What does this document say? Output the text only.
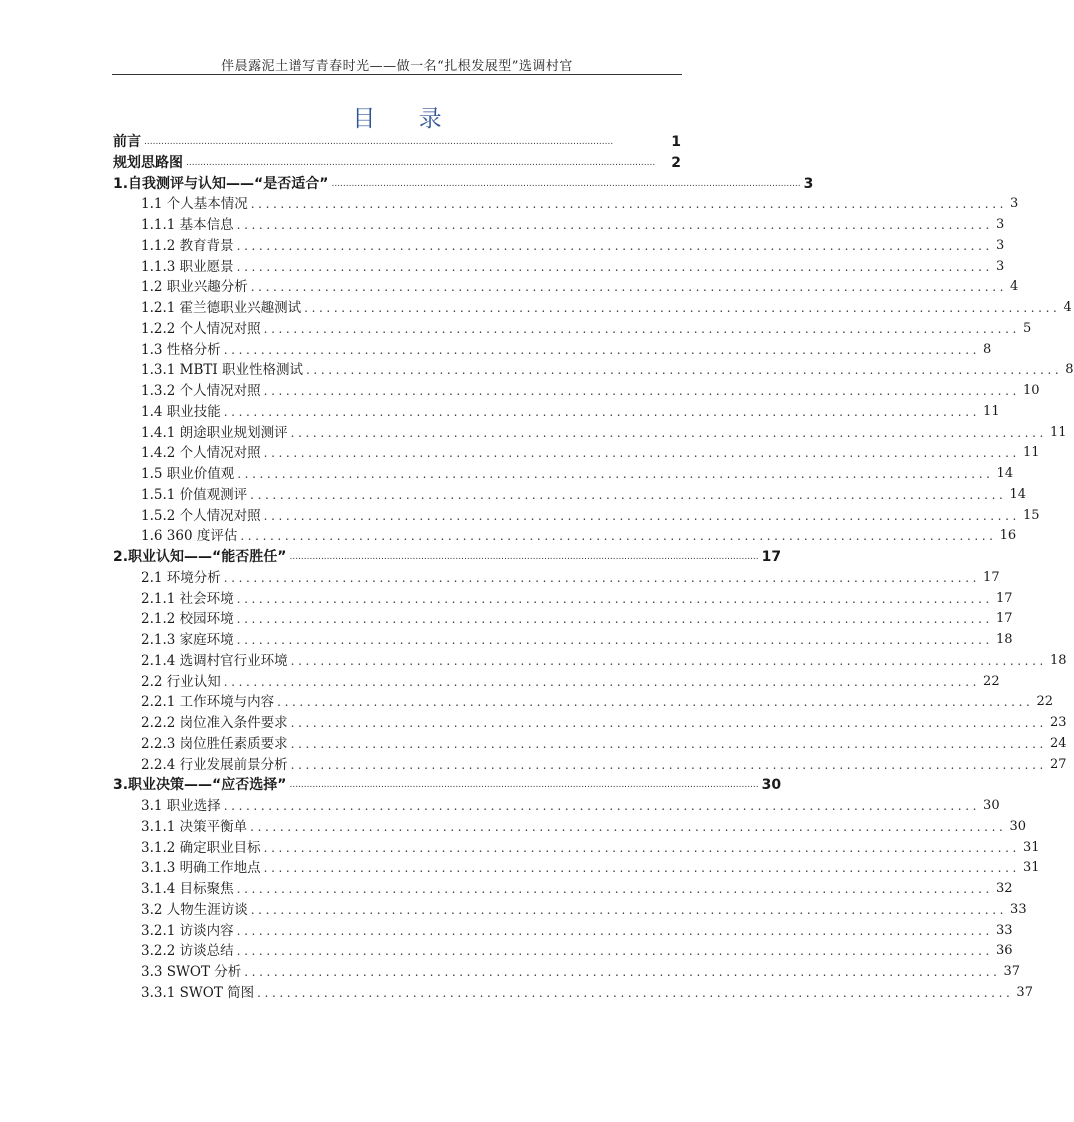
伴晨露泥土谱写青春时光——做一名“扎根发展型”选调村官
目 录
前言 ....................................................................................................................................................................	1
规划思路图 ....................................................................................................................................................................	2
1.自我测评与认知——“是否适合” .................................................................................................................................................................... 3
1.1 个人基本情况 ...................................................................................................... 3
1.1.1 基本信息 ...................................................................................................... 3
1.1.2 教育背景 ...................................................................................................... 3
1.1.3 职业愿景 ...................................................................................................... 3
1.2 职业兴趣分析 ...................................................................................................... 4
1.2.1 霍兰德职业兴趣测试 ...................................................................................................... 4
1.2.2 个人情况对照 ...................................................................................................... 5
1.3 性格分析 ...................................................................................................... 8
1.3.1 MBTI 职业性格测试 ...................................................................................................... 8
1.3.2 个人情况对照 ...................................................................................................... 10
1.4 职业技能 ...................................................................................................... 11
1.4.1 朗途职业规划测评 ...................................................................................................... 11
1.4.2 个人情况对照 ...................................................................................................... 11
1.5 职业价值观 ...................................................................................................... 14
1.5.1 价值观测评 ...................................................................................................... 14
1.5.2 个人情况对照 ...................................................................................................... 15
1.6 360 度评估 ...................................................................................................... 16
2.职业认知——“能否胜任” .................................................................................................................................................................... 17
2.1 环境分析 ...................................................................................................... 17
2.1.1 社会环境 ...................................................................................................... 17
2.1.2 校园环境 ...................................................................................................... 17
2.1.3 家庭环境 ...................................................................................................... 18
2.1.4 选调村官行业环境 ...................................................................................................... 18
2.2 行业认知 ...................................................................................................... 22
2.2.1 工作环境与内容 ...................................................................................................... 22
2.2.2 岗位准入条件要求 ...................................................................................................... 23
2.2.3 岗位胜任素质要求 ...................................................................................................... 24
2.2.4 行业发展前景分析 ...................................................................................................... 27
3.职业决策——“应否选择” .................................................................................................................................................................... 30
3.1 职业选择 ...................................................................................................... 30
3.1.1 决策平衡单 ...................................................................................................... 30
3.1.2 确定职业目标 ...................................................................................................... 31
3.1.3 明确工作地点 ...................................................................................................... 31
3.1.4 目标聚焦 ...................................................................................................... 32
3.2 人物生涯访谈 ...................................................................................................... 33
3.2.1 访谈内容 ...................................................................................................... 33
3.2.2 访谈总结 ...................................................................................................... 36
3.3 SWOT 分析 ...................................................................................................... 37
3.3.1 SWOT 简图 ...................................................................................................... 37
